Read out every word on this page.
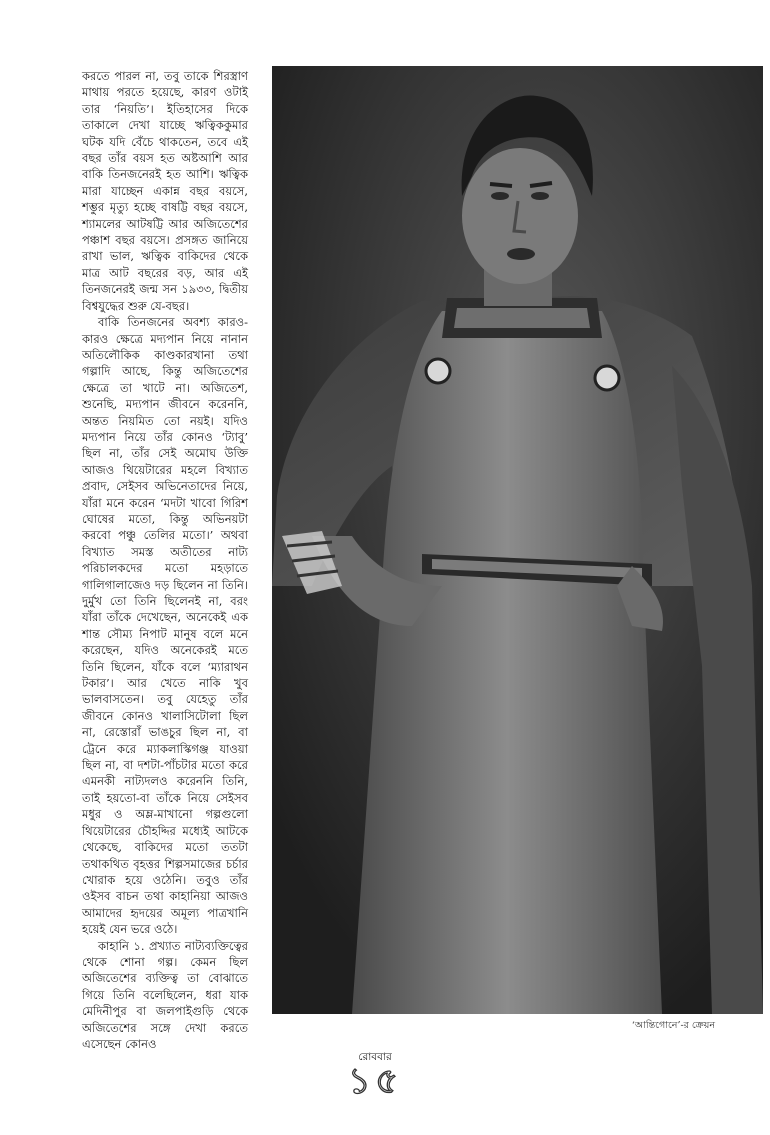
করতে পারল না, তবু তাকে শিরস্ত্রাণ মাথায় পরতে হয়েছে, কারণ ওটাই তার ‘নিয়তি’। ইতিহাসের দিকে তাকালে দেখা যাচ্ছে ঋত্বিককুমার ঘটক যদি বেঁচে থাকতেন, তবে এই বছর তাঁর বয়স হত অষ্টআশি আর বাকি তিনজনেরই হত আশি। ঋত্বিক মারা যাচ্ছেন একান্ন বছর বয়সে, শম্ভুর মৃত্যু হচ্ছে বাষট্টি বছর বয়সে, শ্যামলের আটষট্টি আর অজিতেশের পঞ্চাশ বছর বয়সে। প্রসঙ্গত জানিয়ে রাখা ভাল, ঋত্বিক বাকিদের থেকে মাত্র আট বছরের বড়, আর এই তিনজনেরই জন্ম সন ১৯৩৩, দ্বিতীয় বিশ্বযুদ্ধের শুরু যে-বছর।

বাকি তিনজনের অবশ্য কারও-কারও ক্ষেত্রে মদ্যপান নিয়ে নানান অতিলৌকিক কাণ্ডকারখানা তথা গল্পাদি আছে, কিন্তু অজিতেশের ক্ষেত্রে তা খাটে না। অজিতেশ, শুনেছি, মদ্যপান জীবনে করেননি, অন্তত নিয়মিত তো নয়ই। যদিও মদ্যপান নিয়ে তাঁর কোনও ‘ট্যাবু’ ছিল না, তাঁর সেই অমোঘ উক্তি আজও থিয়েটারের মহলে বিখ্যাত প্রবাদ, সেইসব অভিনেতাদের নিয়ে, যাঁরা মনে করেন ‘মদটা খাবো গিরিশ ঘোষের মতো, কিন্তু অভিনয়টা করবো পঞ্চু তেলির মতো।’ অথবা বিখ্যাত সমস্ত অতীতের নাট্য পরিচালকদের মতো মহড়াতে গালিগালাজেও দড় ছিলেন না তিনি। দুর্মুখ তো তিনি ছিলেনই না, বরং যাঁরা তাঁকে দেখেছেন, অনেকেই এক শান্ত সৌম্য নিপাট মানুষ বলে মনে করেছেন, যদিও অনেকেরই মতে তিনি ছিলেন, যাঁকে বলে ‘ম্যারাথন টকার’। আর খেতে নাকি খুব ভালবাসতেন। তবু যেহেতু তাঁর জীবনে কোনও খালাসিটোলা ছিল না, রেস্তোরাঁ ভাঙচুর ছিল না, বা ট্রেনে করে ম্যাকলাস্কিগঞ্জ যাওয়া ছিল না, বা দশটা-পাঁচটার মতো করে এমনকী নাট্যদলও করেননি তিনি, তাই হয়তো-বা তাঁকে নিয়ে সেইসব মধুর ও অম্ল-মাখানো গল্পগুলো থিয়েটারের চৌহদ্দির মধ্যেই আটকে থেকেছে, বাকিদের মতো ততটা তথাকথিত বৃহত্তর শিল্পসমাজের চর্চার খোরাক হয়ে ওঠেনি। তবুও তাঁর ওইসব বাচন তথা কাহানিয়া আজও আমাদের হৃদয়ের অমূল্য পাত্রখানি হয়েই যেন ভরে ওঠে।

কাহানি ১. প্রখ্যাত নাট্যব্যক্তিত্বের থেকে শোনা গল্প। কেমন ছিল অজিতেশের ব্যক্তিত্ব তা বোঝাতে গিয়ে তিনি বলেছিলেন, ধরা যাক মেদিনীপুর বা জলপাইগুড়ি থেকে অজিতেশের সঙ্গে দেখা করতে এসেছেন কোনও

‘আন্তিগোনে’-র ক্রেয়ন
রোববার
১৫
